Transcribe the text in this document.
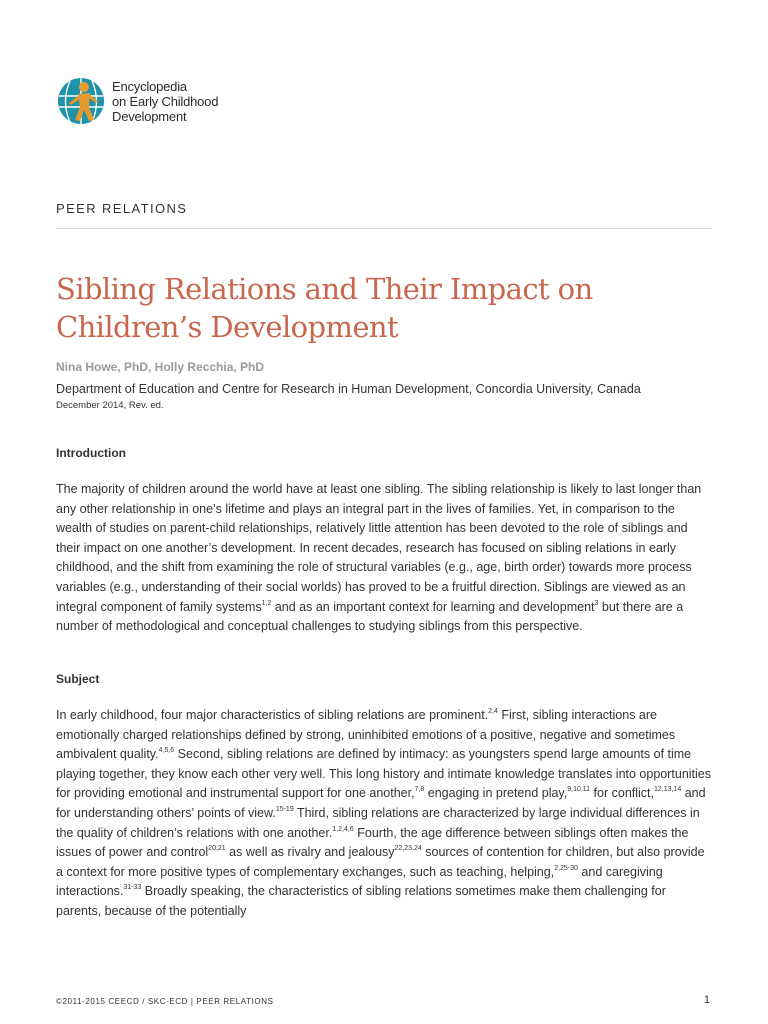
Encyclopedia
on Early Childhood
Development
PEER RELATIONS
Sibling Relations and Their Impact on Children’s Development
Nina Howe, PhD, Holly Recchia, PhD
Department of Education and Centre for Research in Human Development, Concordia University, Canada
December 2014, Rev. ed.
Introduction

The majority of children around the world have at least one sibling. The sibling relationship is likely to last longer than any other relationship in one’s lifetime and plays an integral part in the lives of families. Yet, in comparison to the wealth of studies on parent-child relationships, relatively little attention has been devoted to the role of siblings and their impact on one another’s development. In recent decades, research has focused on sibling relations in early childhood, and the shift from examining the role of structural variables (e.g., age, birth order) towards more process variables (e.g., understanding of their social worlds) has proved to be a fruitful direction. Siblings are viewed as an integral component of family systems$^{1,2}$ and as an important context for learning and development$^3$ but there are a number of methodological and conceptual challenges to studying siblings from this perspective.

Subject

In early childhood, four major characteristics of sibling relations are prominent.$^{2,4}$ First, sibling interactions are emotionally charged relationships defined by strong, uninhibited emotions of a positive, negative and sometimes ambivalent quality.$^{4,5,6}$ Second, sibling relations are defined by intimacy: as youngsters spend large amounts of time playing together, they know each other very well. This long history and intimate knowledge translates into opportunities for providing emotional and instrumental support for one another,$^{7,8}$ engaging in pretend play,$^{9,10,11}$ for conflict,$^{12,13,14}$ and for understanding others’ points of view.$^{15-19}$ Third, sibling relations are characterized by large individual differences in the quality of children’s relations with one another.$^{1,2,4,6}$ Fourth, the age difference between siblings often makes the issues of power and control$^{20,21}$ as well as rivalry and jealousy$^{22,23,24}$ sources of contention for children, but also provide a context for more positive types of complementary exchanges, such as teaching, helping,$^{2,25-30}$ and caregiving interactions.$^{31-33}$ Broadly speaking, the characteristics of sibling relations sometimes make them challenging for parents, because of the potentially

©2011-2015 CEECD / SKC-ECD | PEER RELATIONS	1
